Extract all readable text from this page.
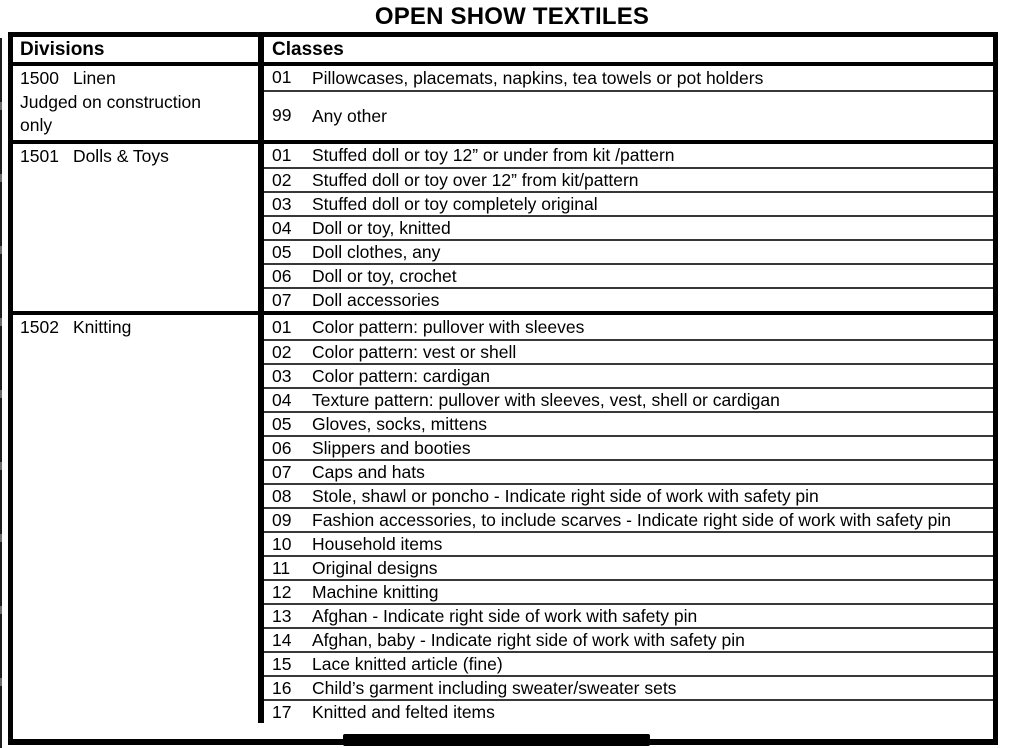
OPEN SHOW TEXTILES
Divisions	Classes
1500 Linen
Judged on construction only
01	Pillowcases, placemats, napkins, tea towels or pot holders
99	Any other
1501 Dolls & Toys	01	Stuffed doll or toy 12” or under from kit /pattern
02	Stuffed doll or toy over 12” from kit/pattern
03	Stuffed doll or toy completely original
04	Doll or toy, knitted
05	Doll clothes, any
06	Doll or toy, crochet
07	Doll accessories
1502 Knitting	01	Color pattern: pullover with sleeves
02	Color pattern: vest or shell
03	Color pattern: cardigan
04	Texture pattern: pullover with sleeves, vest, shell or cardigan
05	Gloves, socks, mittens
06	Slippers and booties
07	Caps and hats
08	Stole, shawl or poncho - Indicate right side of work with safety pin
09	Fashion accessories, to include scarves - Indicate right side of work with safety pin
10	Household items
11	Original designs
12	Machine knitting
13	Afghan - Indicate right side of work with safety pin
14	Afghan, baby - Indicate right side of work with safety pin
15	Lace knitted article (fine)
16	Child’s garment including sweater/sweater sets
17	Knitted and felted items
